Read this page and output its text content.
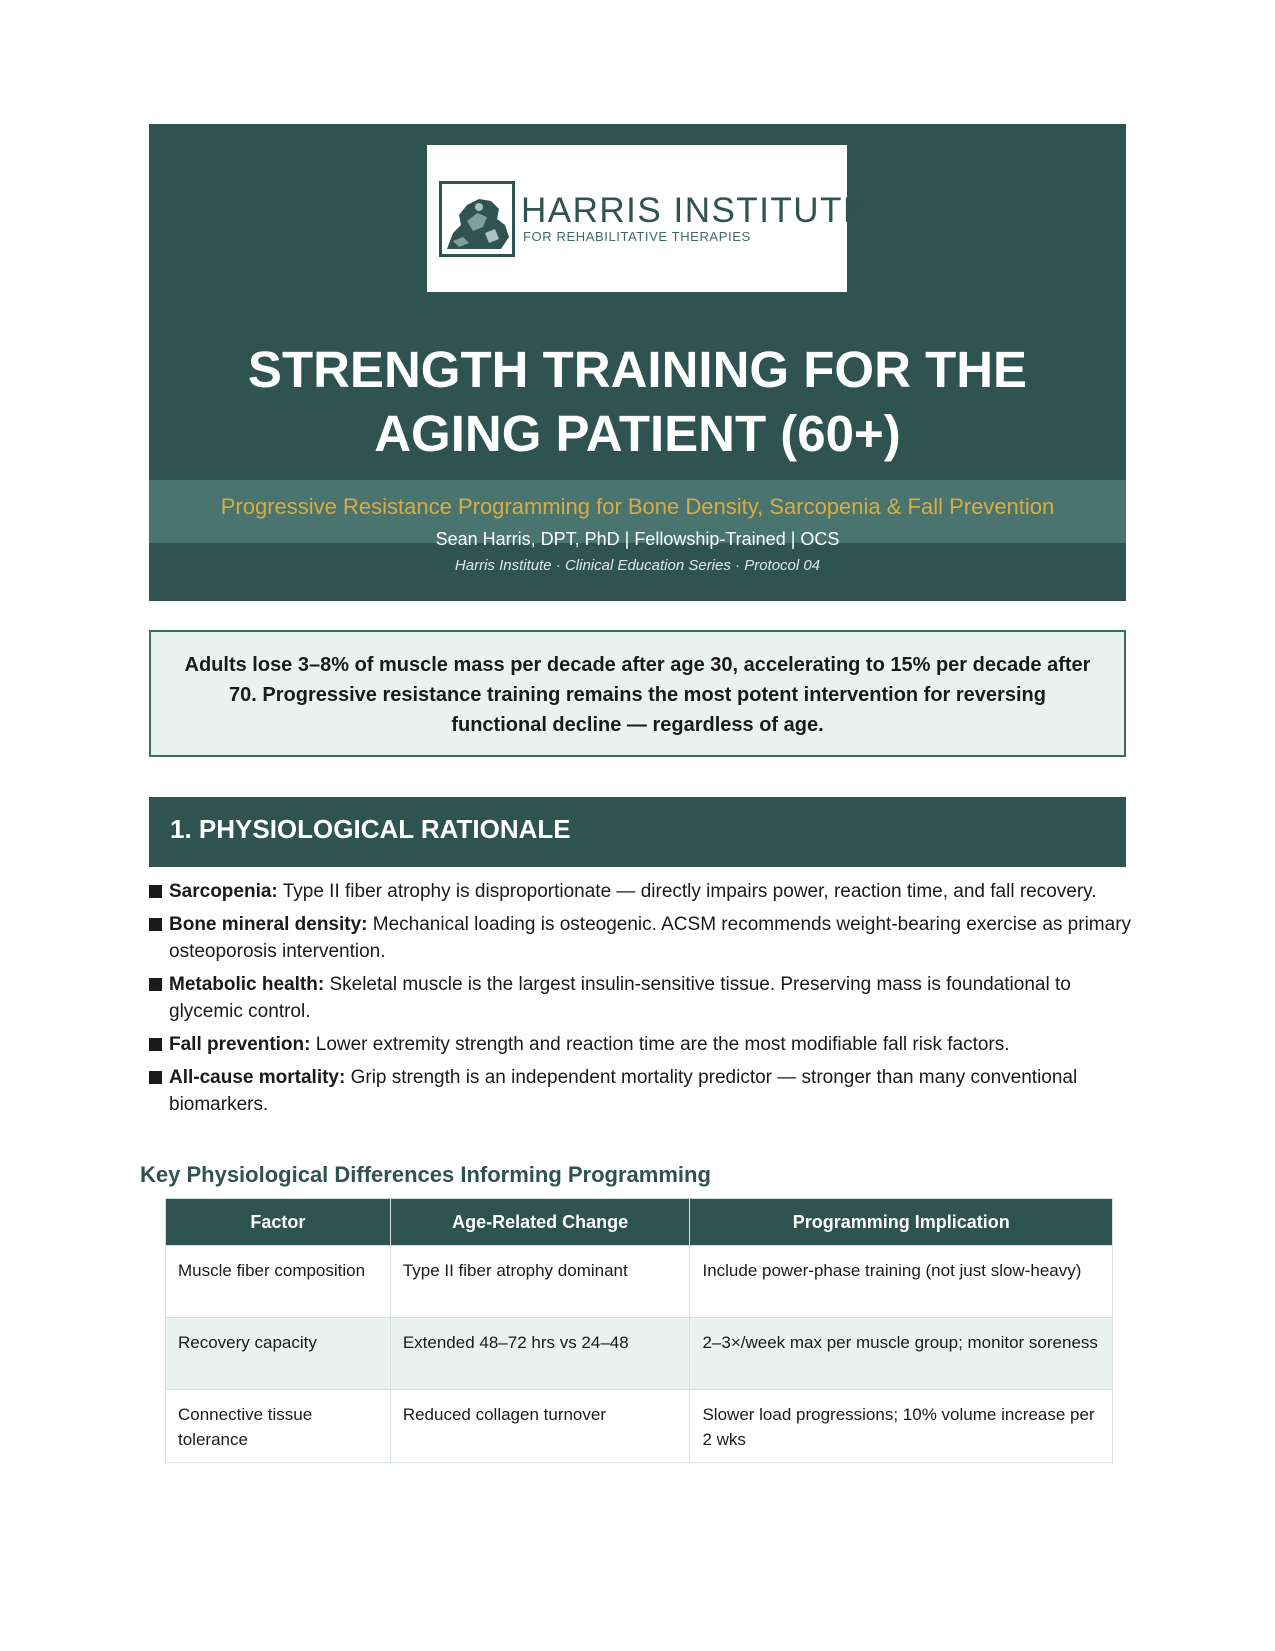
HARRIS INSTITUTE
FOR REHABILITATIVE THERAPIES
STRENGTH TRAINING FOR THE
AGING PATIENT (60+)
Progressive Resistance Programming for Bone Density, Sarcopenia & Fall Prevention
Sean Harris, DPT, PhD | Fellowship-Trained | OCS
Harris Institute · Clinical Education Series · Protocol 04

Adults lose 3–8% of muscle mass per decade after age 30, accelerating to 15% per decade after 70. Progressive resistance training remains the most potent intervention for reversing functional decline — regardless of age.

1. PHYSIOLOGICAL RATIONALE
Sarcopenia: Type II fiber atrophy is disproportionate — directly impairs power, reaction time, and fall recovery.
Bone mineral density: Mechanical loading is osteogenic. ACSM recommends weight-bearing exercise as primary osteoporosis intervention.
Metabolic health: Skeletal muscle is the largest insulin-sensitive tissue. Preserving mass is foundational to glycemic control.
Fall prevention: Lower extremity strength and reaction time are the most modifiable fall risk factors.
All-cause mortality: Grip strength is an independent mortality predictor — stronger than many conventional biomarkers.
Key Physiological Differences Informing Programming
Factor	Age-Related Change	Programming Implication
Muscle fiber composition	Type II fiber atrophy dominant	Include power-phase training (not just slow-heavy)
Recovery capacity	Extended 48–72 hrs vs 24–48	2–3×/week max per muscle group; monitor soreness
Connective tissue tolerance	Reduced collagen turnover	Slower load progressions; 10% volume increase per 2 wks
